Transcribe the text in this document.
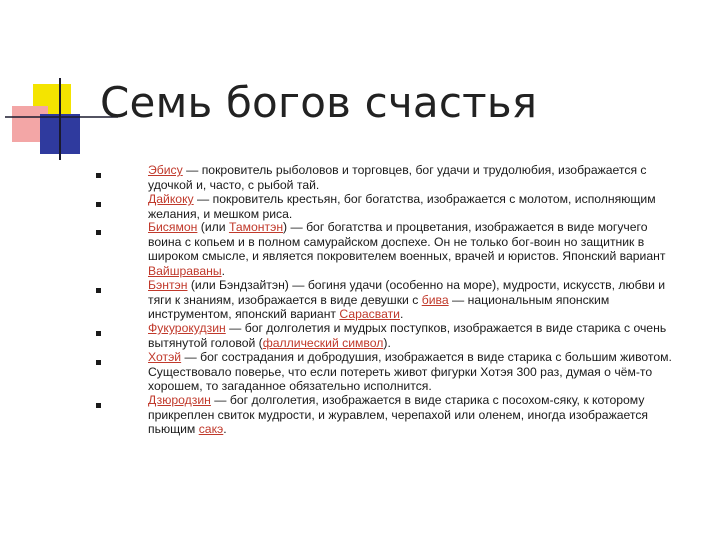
Семь богов счастья
Эбису — покровитель рыболовов и торговцев, бог удачи и трудолюбия, изображается с удочкой и, часто, с рыбой тай.
Дайкоку — покровитель крестьян, бог богатства, изображается с молотом, исполняющим желания, и мешком риса.
Бисямон (или Тамонтэн) — бог богатства и процветания, изображается в виде могучего воина с копьем и в полном самурайском доспехе. Он не только бог-воин но защитник в широком смысле, и является покровителем военных, врачей и юристов. Японский вариант Вайшраваны.
Бэнтэн (или Бэндзайтэн) — богиня удачи (особенно на море), мудрости, искусств, любви и тяги к знаниям, изображается в виде девушки с бива — национальным японским инструментом, японский вариант Сарасвати.
Фукурокудзин — бог долголетия и мудрых поступков, изображается в виде старика с очень вытянутой головой (фаллический символ).
Хотэй — бог сострадания и добродушия, изображается в виде старика с большим животом. Существовало поверье, что если потереть живот фигурки Хотэя 300 раз, думая о чём-то хорошем, то загаданное обязательно исполнится.
Дзюродзин — бог долголетия, изображается в виде старика с посохом-сяку, к которому прикреплен свиток мудрости, и журавлем, черепахой или оленем, иногда изображается пьющим сакэ.
